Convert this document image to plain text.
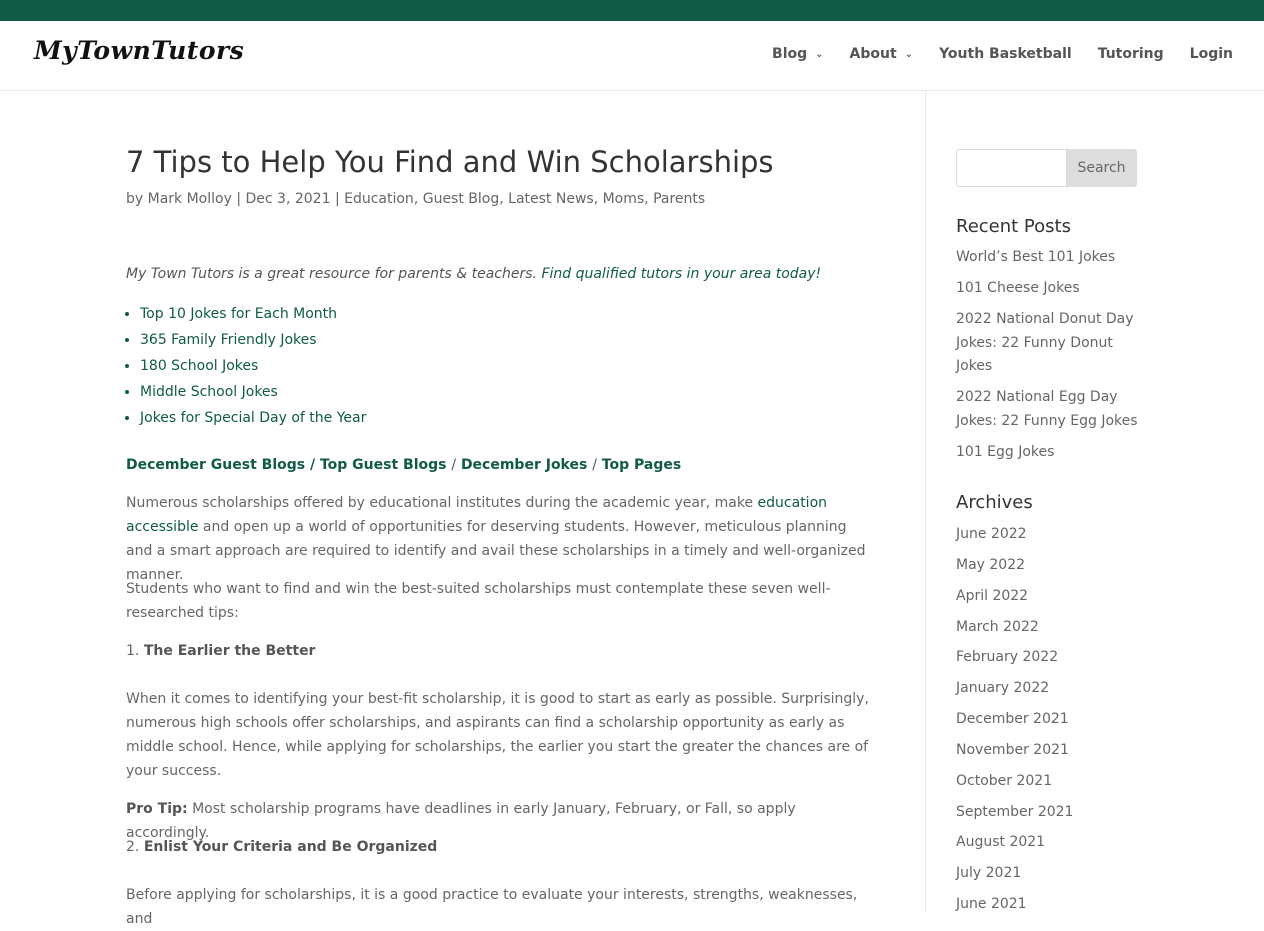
MyTownTutors	Blog ⌄ About ⌄ Youth Basketball Tutoring Login
7 Tips to Help You Find and Win Scholarships
by Mark Molloy | Dec 3, 2021 | Education, Guest Blog, Latest News, Moms, Parents
My Town Tutors is a great resource for parents & teachers. Find qualified tutors in your area today!
• Top 10 Jokes for Each Month
• 365 Family Friendly Jokes
• 180 School Jokes
• Middle School Jokes
• Jokes for Special Day of the Year
December Guest Blogs / Top Guest Blogs / December Jokes / Top Pages

Numerous scholarships offered by educational institutes during the academic year, make education accessible and open up a world of opportunities for deserving students. However, meticulous planning and a smart approach are required to identify and avail these scholarships in a timely and well-organized manner.

Students who want to find and win the best-suited scholarships must contemplate these seven well-researched tips:

1. The Earlier the Better

When it comes to identifying your best-fit scholarship, it is good to start as early as possible. Surprisingly, numerous high schools offer scholarships, and aspirants can find a scholarship opportunity as early as middle school. Hence, while applying for scholarships, the earlier you start the greater the chances are of your success.

Pro Tip: Most scholarship programs have deadlines in early January, February, or Fall, so apply accordingly.

2. Enlist Your Criteria and Be Organized

Before applying for scholarships, it is a good practice to evaluate your interests, strengths, weaknesses, and

Search
Recent Posts
World’s Best 101 Jokes
101 Cheese Jokes
2022 National Donut Day Jokes: 22 Funny Donut Jokes
2022 National Egg Day Jokes: 22 Funny Egg Jokes
101 Egg Jokes
Archives
June 2022
May 2022
April 2022
March 2022
February 2022
January 2022
December 2021
November 2021
October 2021
September 2021
August 2021
July 2021
June 2021
